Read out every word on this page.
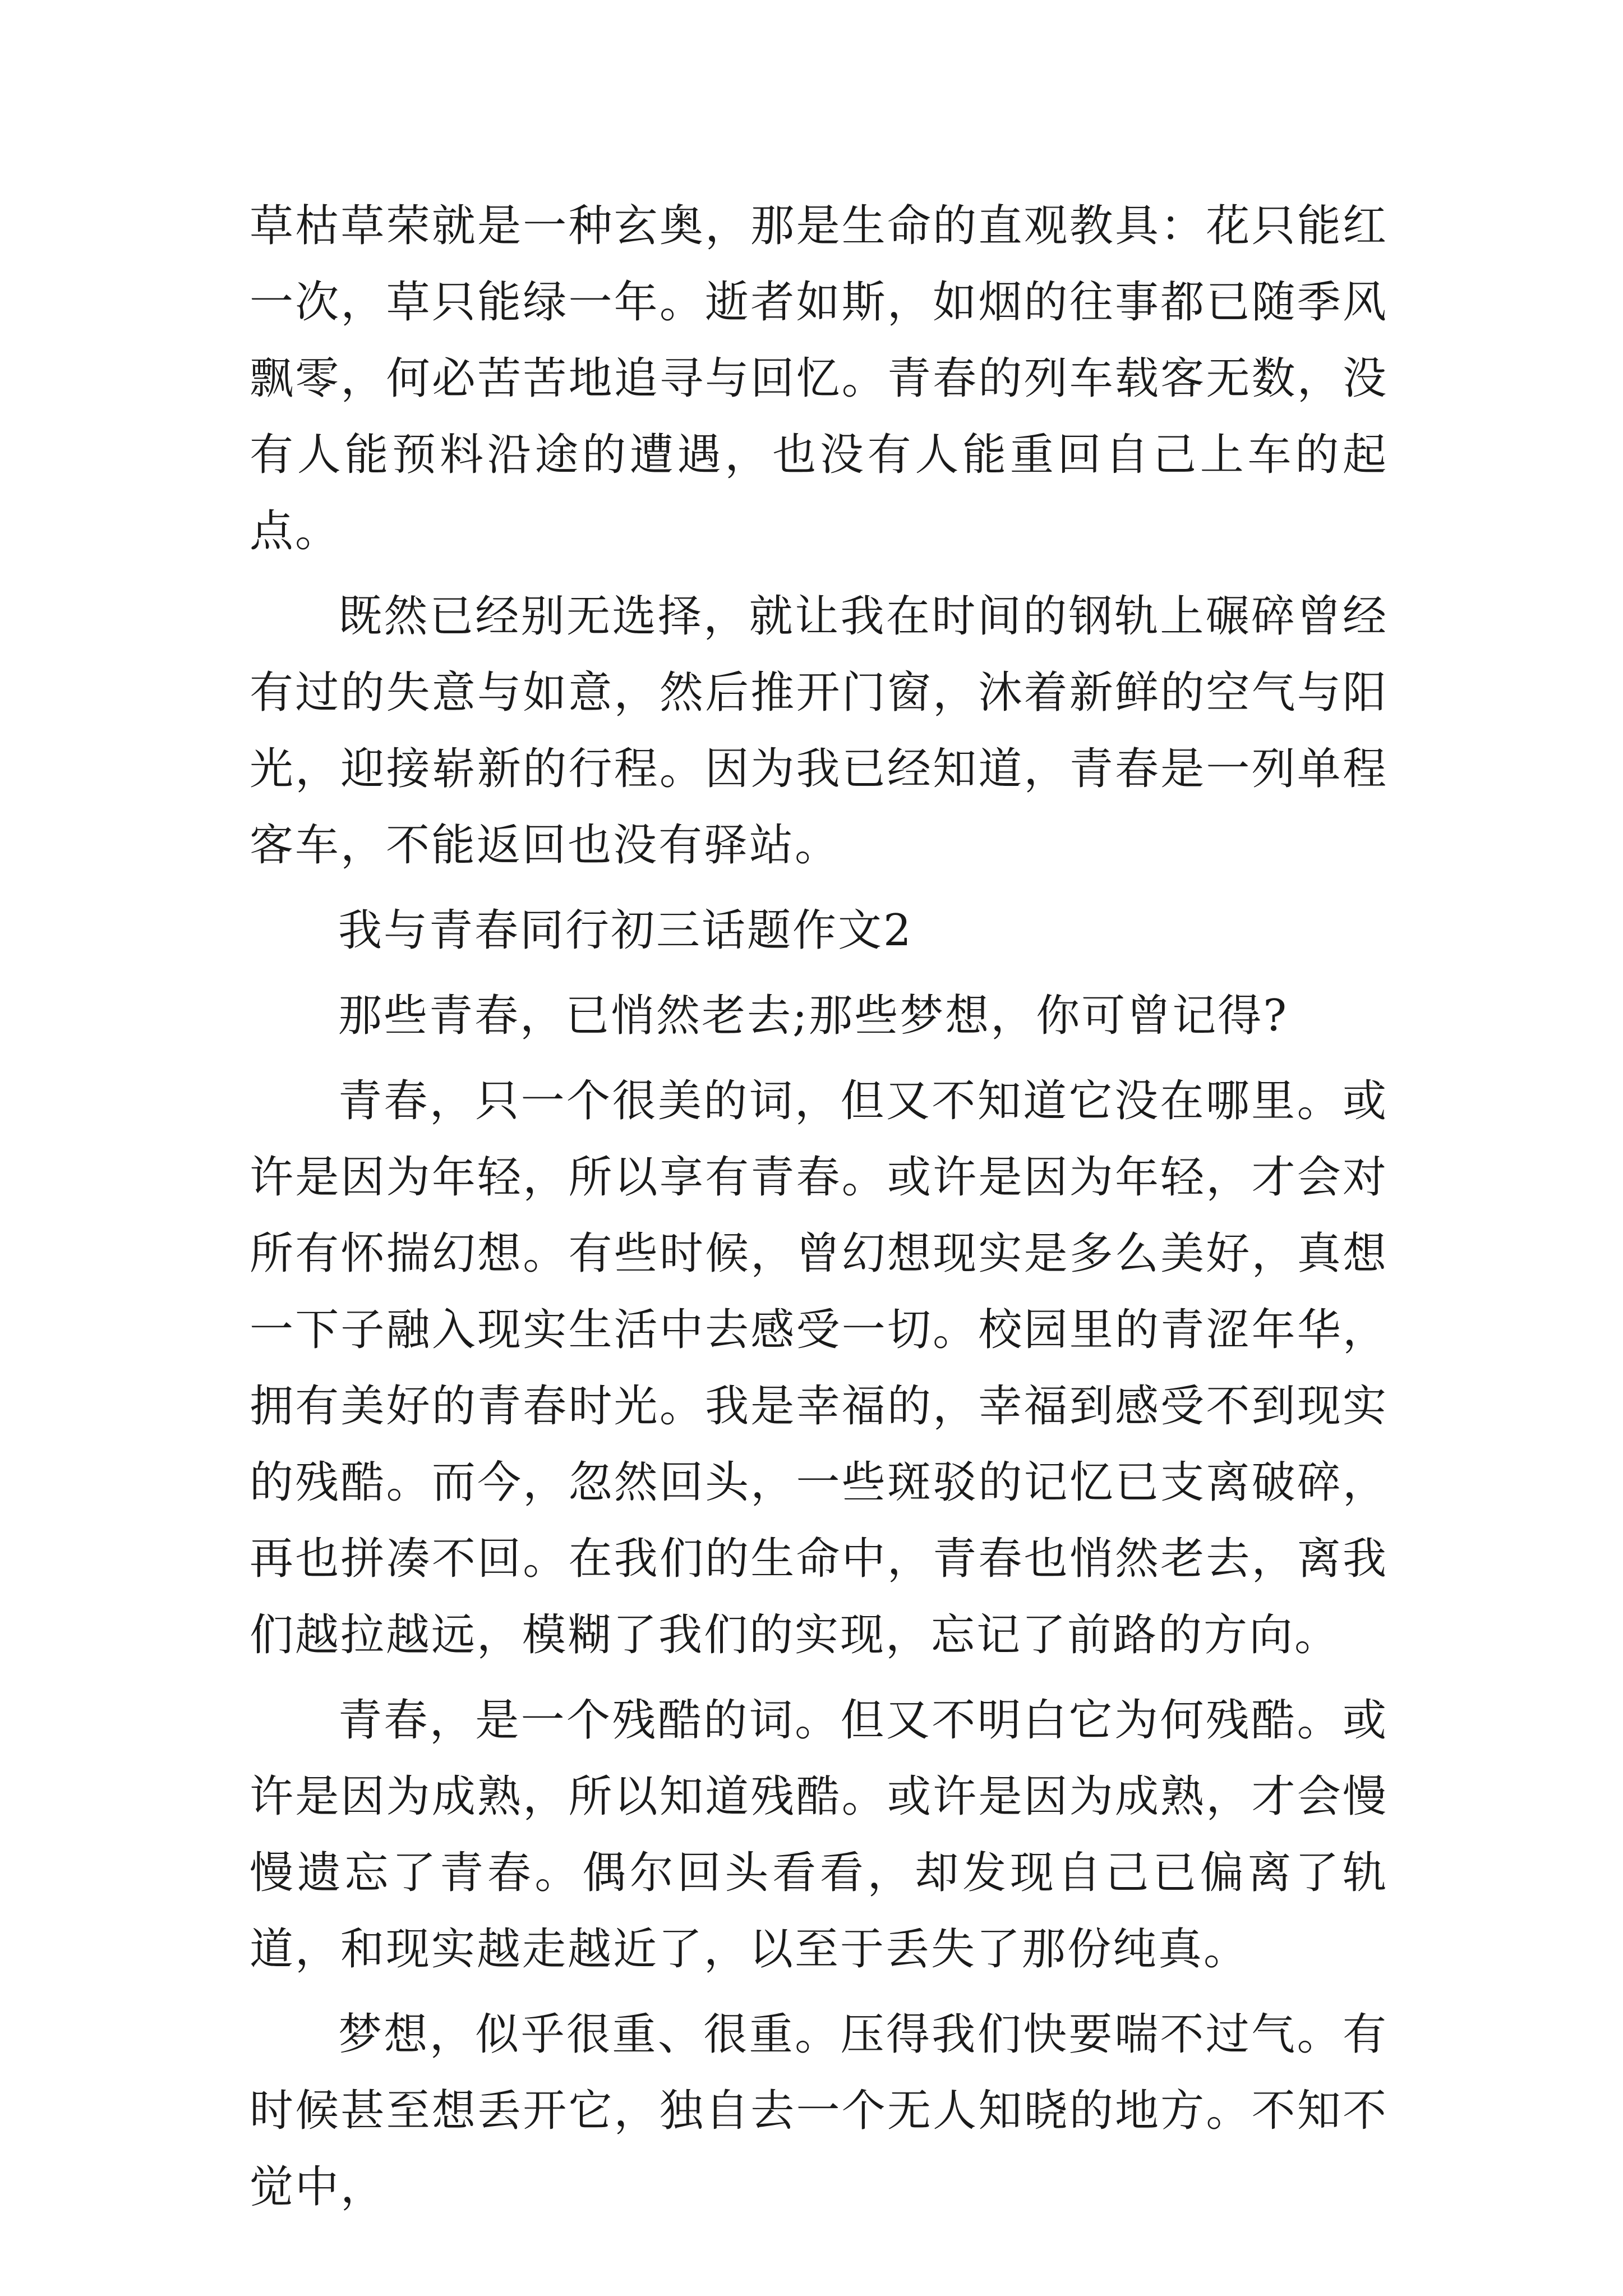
草枯草荣就是一种玄奥，那是生命的直观教具：花只能红一次，草只能绿一年。逝者如斯，如烟的往事都已随季风飘零，何必苦苦地追寻与回忆。青春的列车载客无数，没有人能预料沿途的遭遇，也没有人能重回自己上车的起点。

既然已经别无选择，就让我在时间的钢轨上碾碎曾经有过的失意与如意，然后推开门窗，沐着新鲜的空气与阳光，迎接崭新的行程。因为我已经知道，青春是一列单程客车，不能返回也没有驿站。

我与青春同行初三话题作文2

那些青春，已悄然老去;那些梦想，你可曾记得?

青春，只一个很美的词，但又不知道它没在哪里。或许是因为年轻，所以享有青春。或许是因为年轻，才会对所有怀揣幻想。有些时候，曾幻想现实是多么美好，真想一下子融入现实生活中去感受一切。校园里的青涩年华，拥有美好的青春时光。我是幸福的，幸福到感受不到现实的残酷。而今，忽然回头，一些斑驳的记忆已支离破碎，再也拼凑不回。在我们的生命中，青春也悄然老去，离我们越拉越远，模糊了我们的实现，忘记了前路的方向。

青春，是一个残酷的词。但又不明白它为何残酷。或许是因为成熟，所以知道残酷。或许是因为成熟，才会慢慢遗忘了青春。偶尔回头看看，却发现自己已偏离了轨道，和现实越走越近了，以至于丢失了那份纯真。

梦想，似乎很重、很重。压得我们快要喘不过气。有时候甚至想丢开它，独自去一个无人知晓的地方。不知不觉中，
